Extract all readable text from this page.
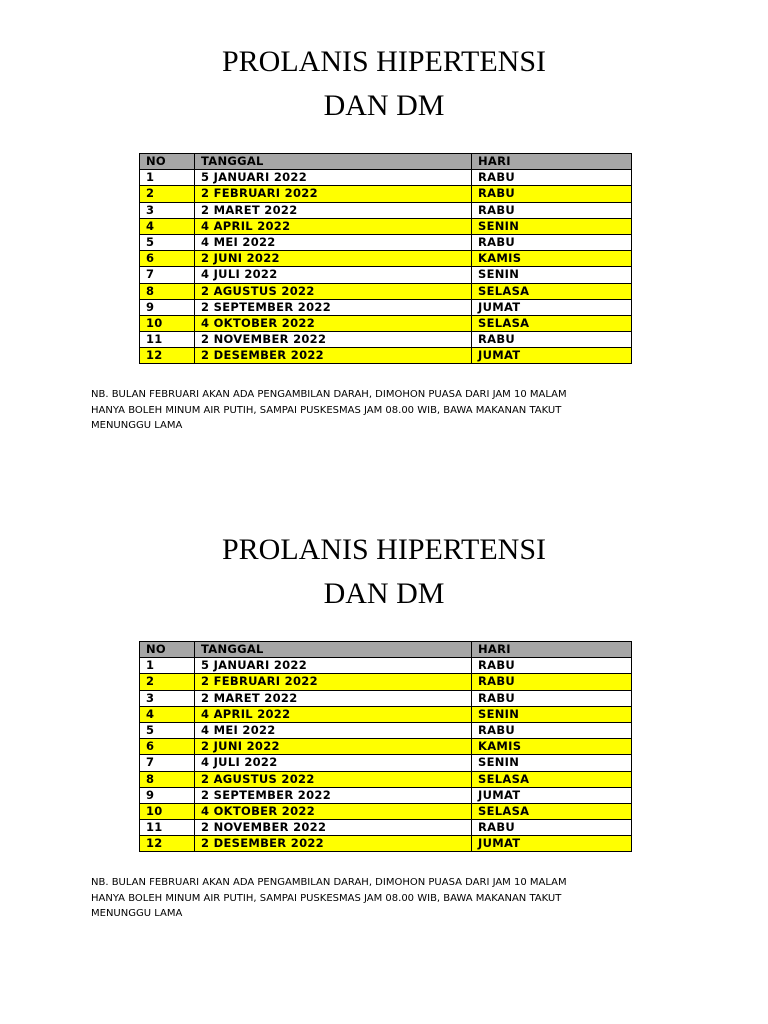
PROLANIS HIPERTENSI
DAN DM
NO	TANGGAL	HARI
1	5 JANUARI 2022	RABU
2	2 FEBRUARI 2022	RABU
3	2 MARET 2022	RABU
4	4 APRIL 2022	SENIN
5	4 MEI 2022	RABU
6	2 JUNI 2022	KAMIS
7	4 JULI 2022	SENIN
8	2 AGUSTUS 2022	SELASA
9	2 SEPTEMBER 2022	JUMAT
10	4 OKTOBER 2022	SELASA
11	2 NOVEMBER 2022	RABU
12	2 DESEMBER 2022	JUMAT
NB. BULAN FEBRUARI AKAN ADA PENGAMBILAN DARAH, DIMOHON PUASA DARI JAM 10 MALAM
HANYA BOLEH MINUM AIR PUTIH, SAMPAI PUSKESMAS JAM 08.00 WIB, BAWA MAKANAN TAKUT
MENUNGGU LAMA
PROLANIS HIPERTENSI
DAN DM
NO	TANGGAL	HARI
1	5 JANUARI 2022	RABU
2	2 FEBRUARI 2022	RABU
3	2 MARET 2022	RABU
4	4 APRIL 2022	SENIN
5	4 MEI 2022	RABU
6	2 JUNI 2022	KAMIS
7	4 JULI 2022	SENIN
8	2 AGUSTUS 2022	SELASA
9	2 SEPTEMBER 2022	JUMAT
10	4 OKTOBER 2022	SELASA
11	2 NOVEMBER 2022	RABU
12	2 DESEMBER 2022	JUMAT
NB. BULAN FEBRUARI AKAN ADA PENGAMBILAN DARAH, DIMOHON PUASA DARI JAM 10 MALAM
HANYA BOLEH MINUM AIR PUTIH, SAMPAI PUSKESMAS JAM 08.00 WIB, BAWA MAKANAN TAKUT
MENUNGGU LAMA
